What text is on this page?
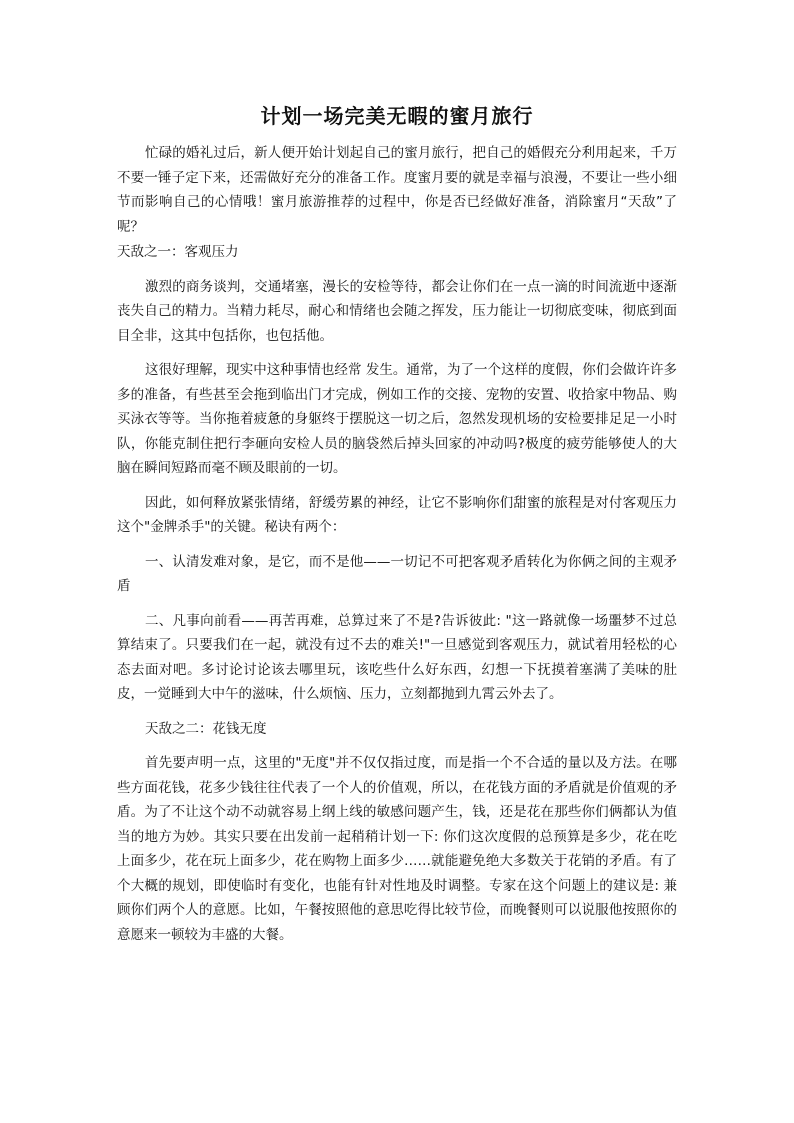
计划一场完美无暇的蜜月旅行

忙碌的婚礼过后，新人便开始计划起自己的蜜月旅行，把自己的婚假充分利用起来，千万不要一锤子定下来，还需做好充分的准备工作。度蜜月要的就是幸福与浪漫，不要让一些小细节而影响自己的心情哦！蜜月旅游推荐的过程中，你是否已经做好准备，消除蜜月“天敌”了呢？

天敌之一：客观压力

激烈的商务谈判，交通堵塞，漫长的安检等待，都会让你们在一点一滴的时间流逝中逐渐丧失自己的精力。当精力耗尽，耐心和情绪也会随之挥发，压力能让一切彻底变味，彻底到面目全非，这其中包括你，也包括他。

这很好理解，现实中这种事情也经常 发生。通常，为了一个这样的度假，你们会做许许多多的准备，有些甚至会拖到临出门才完成，例如工作的交接、宠物的安置、收拾家中物品、购买泳衣等等。当你拖着疲惫的身躯终于摆脱这一切之后，忽然发现机场的安检要排足足一小时队，你能克制住把行李砸向安检人员的脑袋然后掉头回家的冲动吗?极度的疲劳能够使人的大脑在瞬间短路而毫不顾及眼前的一切。

因此，如何释放紧张情绪，舒缓劳累的神经，让它不影响你们甜蜜的旅程是对付客观压力这个"金牌杀手"的关键。秘诀有两个：

一、认清发难对象，是它，而不是他——一切记不可把客观矛盾转化为你俩之间的主观矛盾

二、凡事向前看——再苦再难，总算过来了不是?告诉彼此: "这一路就像一场噩梦不过总算结束了。只要我们在一起，就没有过不去的难关!"一旦感觉到客观压力，就试着用轻松的心态去面对吧。多讨论讨论该去哪里玩，该吃些什么好东西，幻想一下抚摸着塞满了美味的肚皮，一觉睡到大中午的滋味，什么烦恼、压力，立刻都抛到九霄云外去了。

天敌之二：花钱无度

首先要声明一点，这里的"无度"并不仅仅指过度，而是指一个不合适的量以及方法。在哪些方面花钱，花多少钱往往代表了一个人的价值观，所以，在花钱方面的矛盾就是价值观的矛盾。为了不让这个动不动就容易上纲上线的敏感问题产生，钱，还是花在那些你们俩都认为值当的地方为妙。其实只要在出发前一起稍稍计划一下: 你们这次度假的总预算是多少，花在吃上面多少，花在玩上面多少，花在购物上面多少……就能避免绝大多数关于花销的矛盾。有了个大概的规划，即使临时有变化，也能有针对性地及时调整。专家在这个问题上的建议是: 兼顾你们两个人的意愿。比如，午餐按照他的意思吃得比较节俭，而晚餐则可以说服他按照你的意愿来一顿较为丰盛的大餐。
